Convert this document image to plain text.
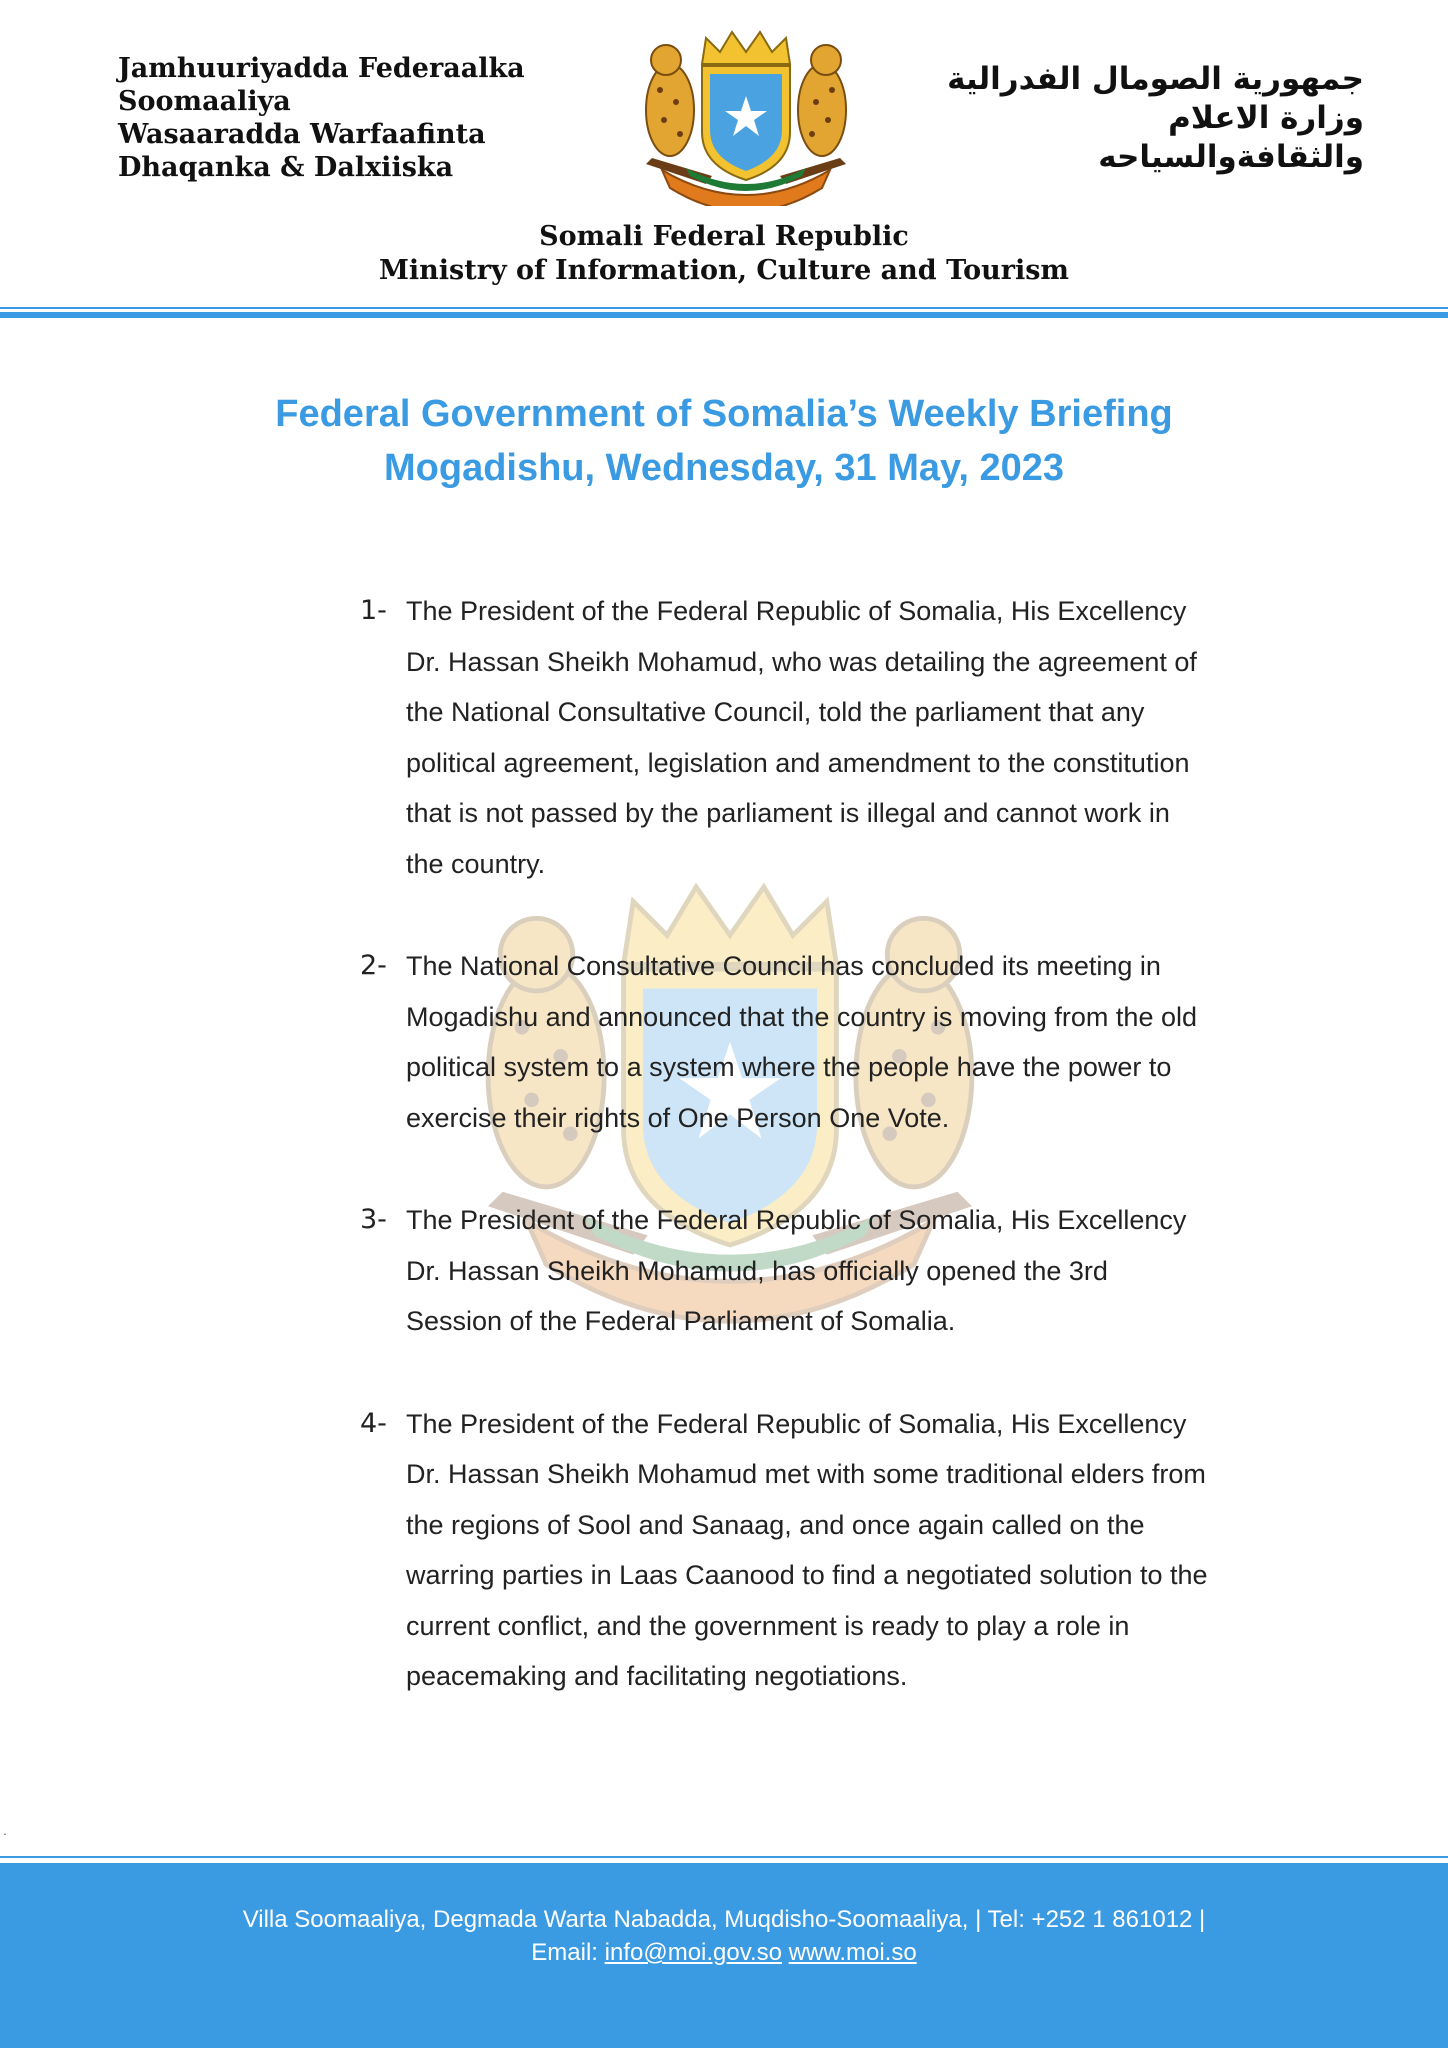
Jamhuuriyadda Federaalka
Soomaaliya
Wasaaradda Warfaafinta
Dhaqanka & Dalxiiska
جمهورية الصومال الفدرالية
وزارة الاعلام
والثقافةوالسياحه
Somali Federal Republic
Ministry of Information, Culture and Tourism
Federal Government of Somalia’s Weekly Briefing
Mogadishu, Wednesday, 31 May, 2023
1- The President of the Federal Republic of Somalia, His Excellency
Dr. Hassan Sheikh Mohamud, who was detailing the agreement of
the National Consultative Council, told the parliament that any
political agreement, legislation and amendment to the constitution
that is not passed by the parliament is illegal and cannot work in
the country.
2- The National Consultative Council has concluded its meeting in
Mogadishu and announced that the country is moving from the old
political system to a system where the people have the power to
exercise their rights of One Person One Vote.
3- The President of the Federal Republic of Somalia, His Excellency
Dr. Hassan Sheikh Mohamud, has officially opened the 3rd
Session of the Federal Parliament of Somalia.
4- The President of the Federal Republic of Somalia, His Excellency
Dr. Hassan Sheikh Mohamud met with some traditional elders from
the regions of Sool and Sanaag, and once again called on the
warring parties in Laas Caanood to find a negotiated solution to the
current conflict, and the government is ready to play a role in
peacemaking and facilitating negotiations.
.
Villa Soomaaliya, Degmada Warta Nabadda, Muqdisho-Soomaaliya, | Tel: +252 1 861012 |
Email: info@moi.gov.so www.moi.so
